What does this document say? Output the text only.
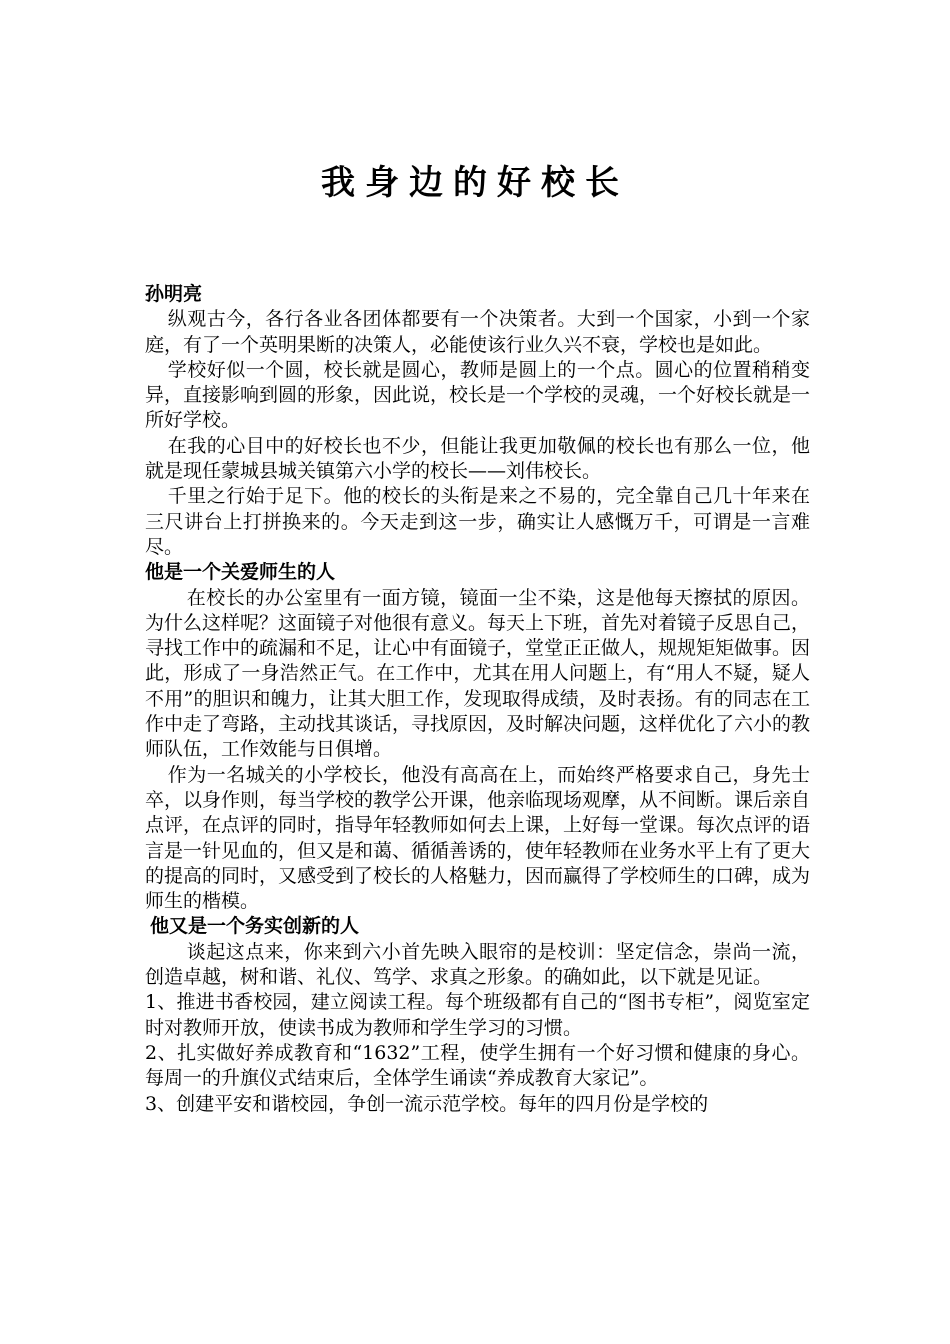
我身边的好校长

孙明亮

纵观古今，各行各业各团体都要有一个决策者。大到一个国家，小到一个家庭，有了一个英明果断的决策人，必能使该行业久兴不衰，学校也是如此。

学校好似一个圆，校长就是圆心，教师是圆上的一个点。圆心的位置稍稍变异，直接影响到圆的形象，因此说，校长是一个学校的灵魂，一个好校长就是一所好学校。

在我的心目中的好校长也不少，但能让我更加敬佩的校长也有那么一位，他就是现任蒙城县城关镇第六小学的校长——刘伟校长。

千里之行始于足下。他的校长的头衔是来之不易的，完全靠自己几十年来在三尺讲台上打拼换来的。今天走到这一步，确实让人感慨万千，可谓是一言难尽。

他是一个关爱师生的人

在校长的办公室里有一面方镜，镜面一尘不染，这是他每天擦拭的原因。为什么这样呢？这面镜子对他很有意义。每天上下班，首先对着镜子反思自己，寻找工作中的疏漏和不足，让心中有面镜子，堂堂正正做人，规规矩矩做事。因此，形成了一身浩然正气。在工作中，尤其在用人问题上，有“用人不疑，疑人不用”的胆识和魄力，让其大胆工作，发现取得成绩，及时表扬。有的同志在工作中走了弯路，主动找其谈话，寻找原因，及时解决问题，这样优化了六小的教师队伍，工作效能与日俱增。

作为一名城关的小学校长，他没有高高在上，而始终严格要求自己，身先士卒，以身作则，每当学校的教学公开课，他亲临现场观摩，从不间断。课后亲自点评，在点评的同时，指导年轻教师如何去上课，上好每一堂课。每次点评的语言是一针见血的，但又是和蔼、循循善诱的，使年轻教师在业务水平上有了更大的提高的同时，又感受到了校长的人格魅力，因而赢得了学校师生的口碑，成为师生的楷模。

他又是一个务实创新的人

谈起这点来，你来到六小首先映入眼帘的是校训：坚定信念，崇尚一流，创造卓越，树和谐、礼仪、笃学、求真之形象。的确如此，以下就是见证。

1、推进书香校园，建立阅读工程。每个班级都有自己的“图书专柜”，阅览室定时对教师开放，使读书成为教师和学生学习的习惯。

2、扎实做好养成教育和“1632”工程，使学生拥有一个好习惯和健康的身心。每周一的升旗仪式结束后，全体学生诵读“养成教育大家记”。

3、创建平安和谐校园，争创一流示范学校。每年的四月份是学校的
